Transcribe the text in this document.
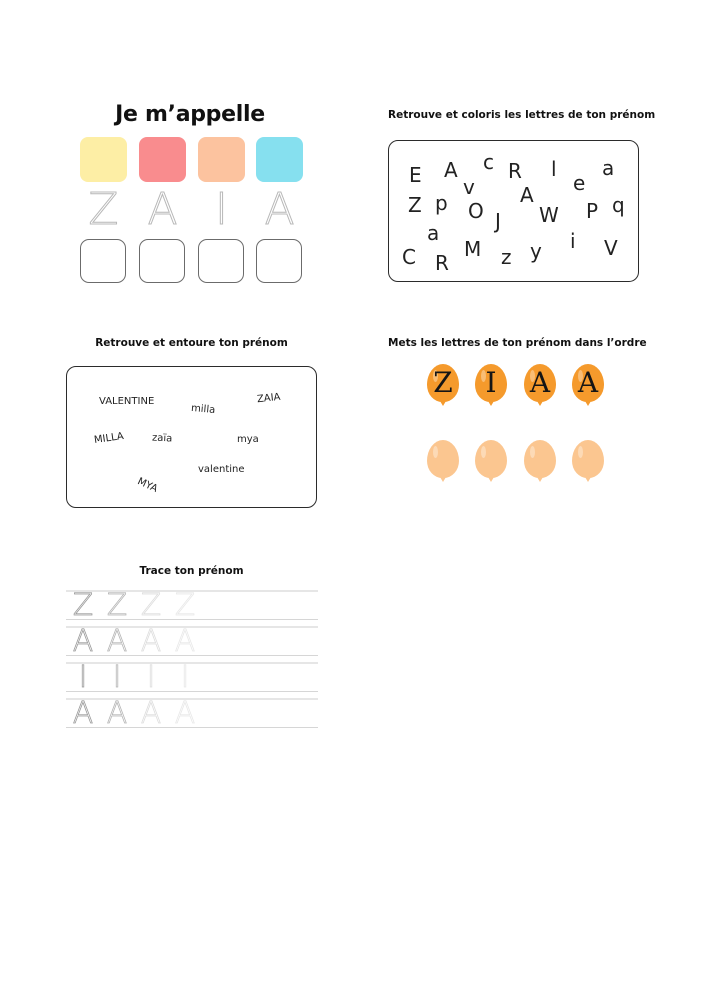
Je m’appelle
Z A I A
Retrouve et coloris les lettres de ton prénom
E A c R l a
v	e
A
Z p O J W P q
a	i
C R
M z y	V
Retrouve et entoure ton prénom
VALENTINE
milla
ZAIA
MILLA	zaïa	mya
valentine
MYA
Mets les lettres de ton prénom dans l’ordre
Z	I	A A
Trace ton prénom
Z Z Z Z
A A A A
I I I I
A A A A
